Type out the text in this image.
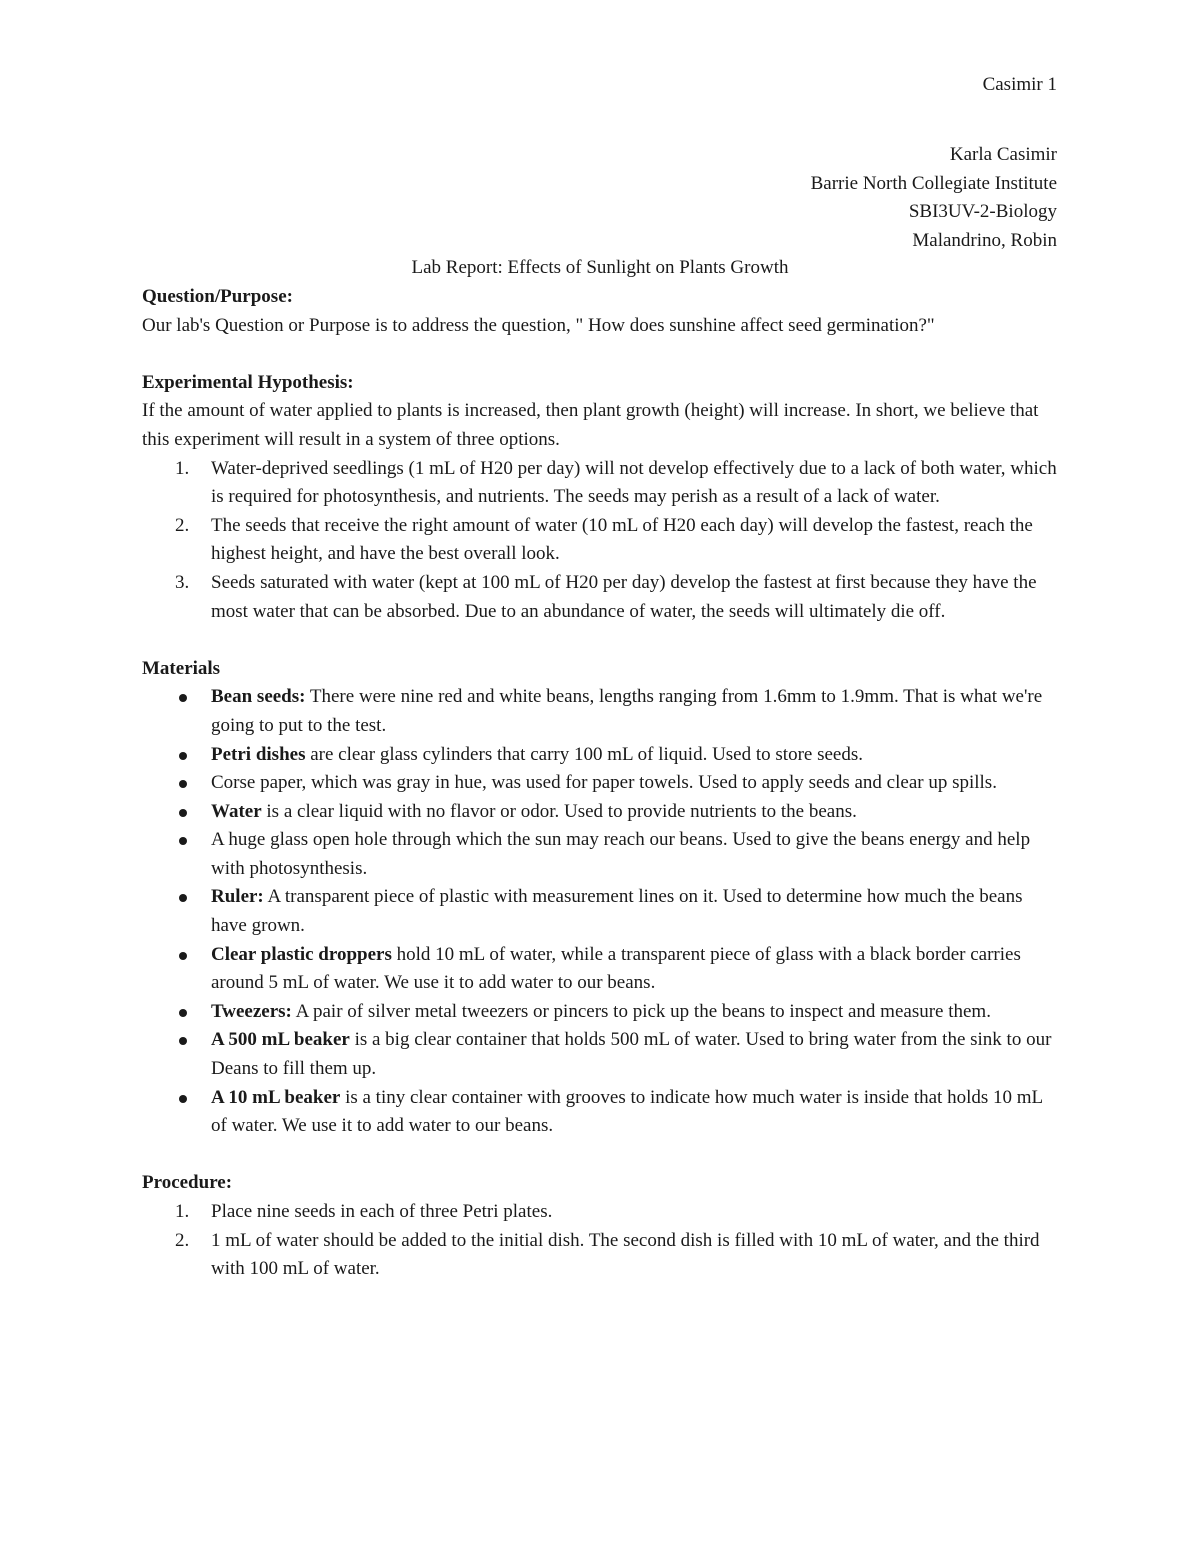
Casimir 1
Karla Casimir
Barrie North Collegiate Institute
SBI3UV-2-Biology
Malandrino, Robin
Lab Report: Effects of Sunlight on Plants Growth

Question/Purpose:

Our lab's Question or Purpose is to address the question, " How does sunshine affect seed germination?"

Experimental Hypothesis:

If the amount of water applied to plants is increased, then plant growth (height) will increase. In short, we believe that this experiment will result in a system of three options.

1. Water-deprived seedlings (1 mL of H20 per day) will not develop effectively due to a lack of both water, which is required for photosynthesis, and nutrients. The seeds may perish as a result of a lack of water.
2. The seeds that receive the right amount of water (10 mL of H20 each day) will develop the fastest, reach the highest height, and have the best overall look.
3. Seeds saturated with water (kept at 100 mL of H20 per day) develop the fastest at first because they have the most water that can be absorbed. Due to an abundance of water, the seeds will ultimately die off.

Materials

Bean seeds: There were nine red and white beans, lengths ranging from 1.6mm to 1.9mm. That is what we're going to put to the test.
Petri dishes are clear glass cylinders that carry 100 mL of liquid. Used to store seeds.
Corse paper, which was gray in hue, was used for paper towels. Used to apply seeds and clear up spills.
Water is a clear liquid with no flavor or odor. Used to provide nutrients to the beans.
A huge glass open hole through which the sun may reach our beans. Used to give the beans energy and help with photosynthesis.
Ruler: A transparent piece of plastic with measurement lines on it. Used to determine how much the beans have grown.
Clear plastic droppers hold 10 mL of water, while a transparent piece of glass with a black border carries around 5 mL of water. We use it to add water to our beans.
Tweezers: A pair of silver metal tweezers or pincers to pick up the beans to inspect and measure them.
A 500 mL beaker is a big clear container that holds 500 mL of water. Used to bring water from the sink to our Deans to fill them up.
A 10 mL beaker is a tiny clear container with grooves to indicate how much water is inside that holds 10 mL of water. We use it to add water to our beans.

Procedure:

1. Place nine seeds in each of three Petri plates.
2. 1 mL of water should be added to the initial dish. The second dish is filled with 10 mL of water, and the third with 100 mL of water.
